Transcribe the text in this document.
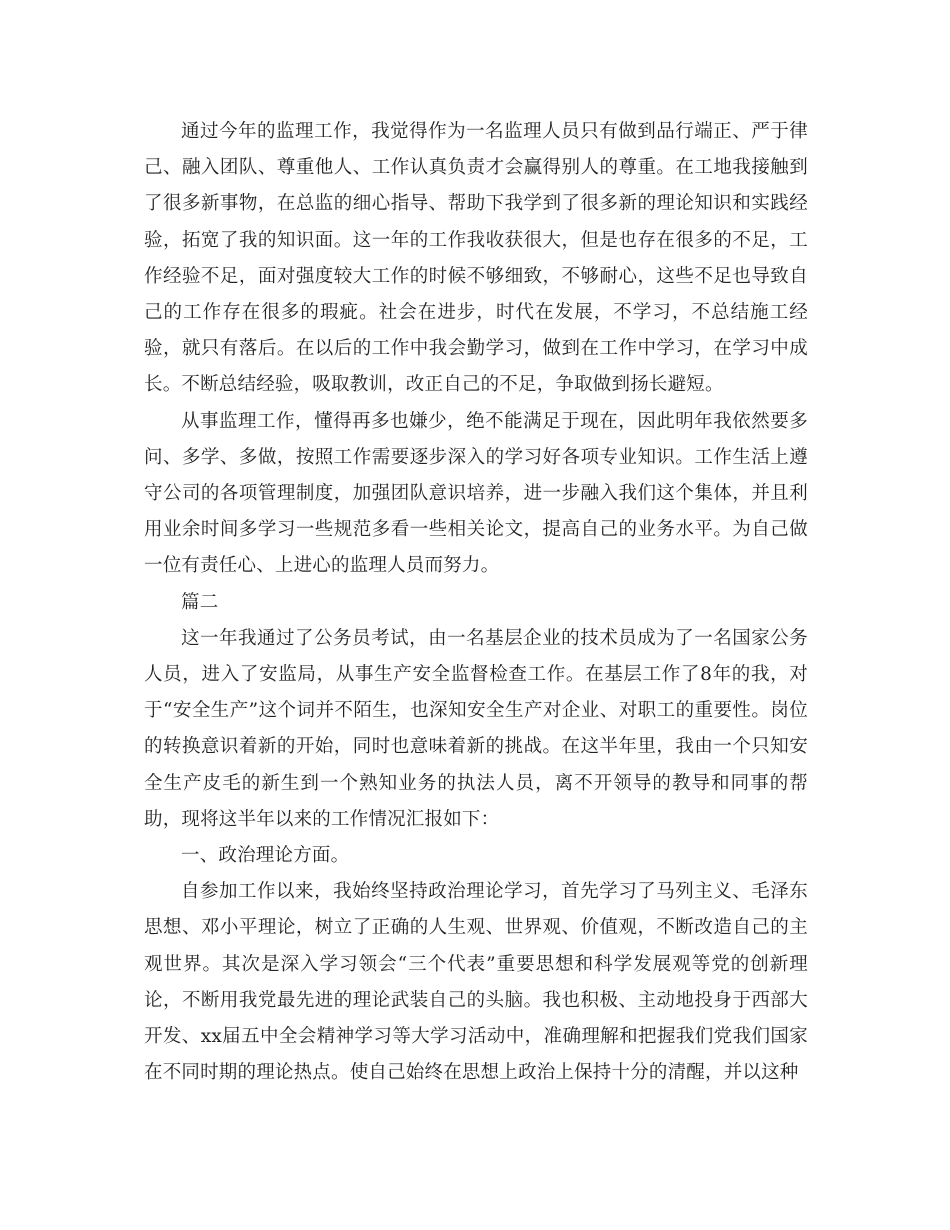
通过今年的监理工作，我觉得作为一名监理人员只有做到品行端正、严于律己、融入团队、尊重他人、工作认真负责才会赢得别人的尊重。在工地我接触到了很多新事物，在总监的细心指导、帮助下我学到了很多新的理论知识和实践经验，拓宽了我的知识面。这一年的工作我收获很大，但是也存在很多的不足，工作经验不足，面对强度较大工作的时候不够细致，不够耐心，这些不足也导致自己的工作存在很多的瑕疵。社会在进步，时代在发展，不学习，不总结施工经验，就只有落后。在以后的工作中我会勤学习，做到在工作中学习，在学习中成长。不断总结经验，吸取教训，改正自己的不足，争取做到扬长避短。

从事监理工作，懂得再多也嫌少，绝不能满足于现在，因此明年我依然要多问、多学、多做，按照工作需要逐步深入的学习好各项专业知识。工作生活上遵守公司的各项管理制度，加强团队意识培养，进一步融入我们这个集体，并且利用业余时间多学习一些规范多看一些相关论文，提高自己的业务水平。为自己做一位有责任心、上进心的监理人员而努力。

篇二

这一年我通过了公务员考试，由一名基层企业的技术员成为了一名国家公务人员，进入了安监局，从事生产安全监督检查工作。在基层工作了8年的我，对于“安全生产”这个词并不陌生，也深知安全生产对企业、对职工的重要性。岗位的转换意识着新的开始，同时也意味着新的挑战。在这半年里，我由一个只知安全生产皮毛的新生到一个熟知业务的执法人员，离不开领导的教导和同事的帮助，现将这半年以来的工作情况汇报如下：

一、政治理论方面。

自参加工作以来，我始终坚持政治理论学习，首先学习了马列主义、毛泽东思想、邓小平理论，树立了正确的人生观、世界观、价值观，不断改造自己的主观世界。其次是深入学习领会“三个代表”重要思想和科学发展观等党的创新理论，不断用我党最先进的理论武装自己的头脑。我也积极、主动地投身于西部大开发、xx届五中全会精神学习等大学习活动中，准确理解和把握我们党我们国家在不同时期的理论热点。使自己始终在思想上政治上保持十分的清醒，并以这种
